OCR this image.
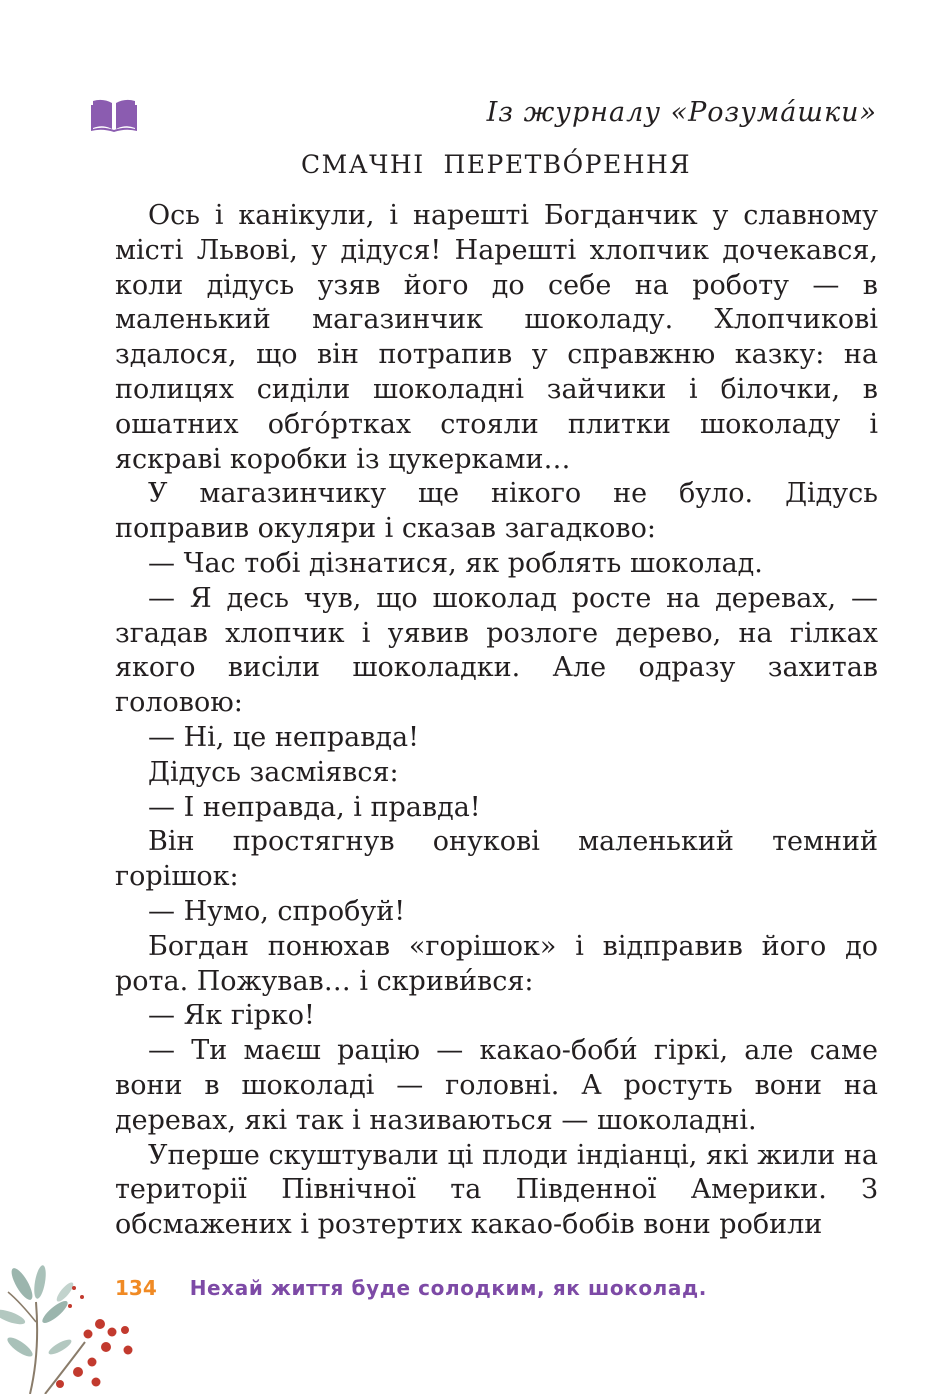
Із журналу «Розума́шки»
СМАЧНІ  ПЕРЕТВО́РЕННЯ

Ось і канікули, і нарешті Богданчик у славному місті Львові, у дідуся! Нарешті хлопчик дочекався, коли дідусь узяв його до себе на роботу — в маленький магазинчик шоколаду. Хлопчикові здалося, що він потрапив у справжню казку: на полицях сиділи шоколадні зайчики і білочки, в ошатних обго́ртках стояли плитки шоколаду і яскраві коробки із цукерками…

У магазинчику ще нікого не було. Дідусь поправив окуляри і сказав загадково:

— Час тобі дізнатися, як роблять шоколад.

— Я десь чув, що шоколад росте на деревах, — згадав хлопчик і уявив розлоге дерево, на гілках якого висіли шоколадки. Але одразу захитав головою:

— Ні, це неправда!

Дідусь засміявся:

— І неправда, і правда!

Він простягнув онукові маленький темний горішок:

— Нумо, спробуй!

Богдан понюхав «горішок» і відправив його до рота. Пожував… і скриви́вся:

— Як гірко!

— Ти маєш рацію — какао-боби́ гіркі, але саме вони в шоколаді — головні. А ростуть вони на деревах, які так і називаються — шоколадні.

Уперше скуштували ці плоди індіанці, які жили на території Північної та Південної Америки. З обсмажених і розтертих какао-бобів вони робили

134 Нехай життя буде солодким, як шоколад.
